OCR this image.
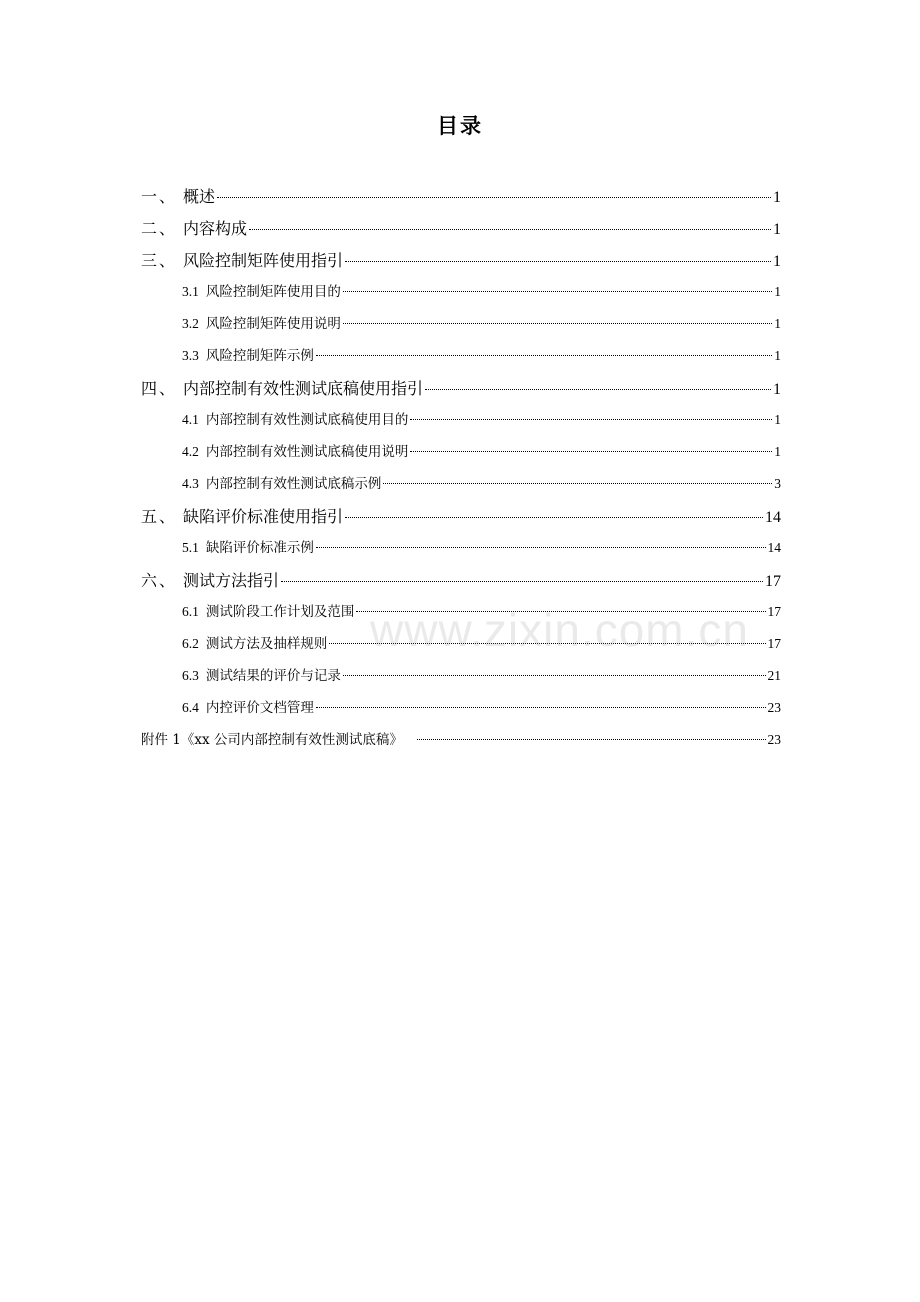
目录
一、 概述	1
二、 内容构成	1
三、 风险控制矩阵使用指引	1
3.1 风险控制矩阵使用目的	1
3.2 风险控制矩阵使用说明	1
3.3 风险控制矩阵示例	1
四、 内部控制有效性测试底稿使用指引	1
4.1 内部控制有效性测试底稿使用目的	1
4.2 内部控制有效性测试底稿使用说明	1
4.3 内部控制有效性测试底稿示例	3
五、 缺陷评价标准使用指引	14
5.1 缺陷评价标准示例	14
六、 测试方法指引	17
6.1 测试阶段工作计划及范围	17
6.2 测试方法及抽样规则	17
6.3 测试结果的评价与记录	21
6.4 内控评价文档管理	23
附件 1《xx 公司内部控制有效性测试底稿》	23
www.zixin.com.cn
